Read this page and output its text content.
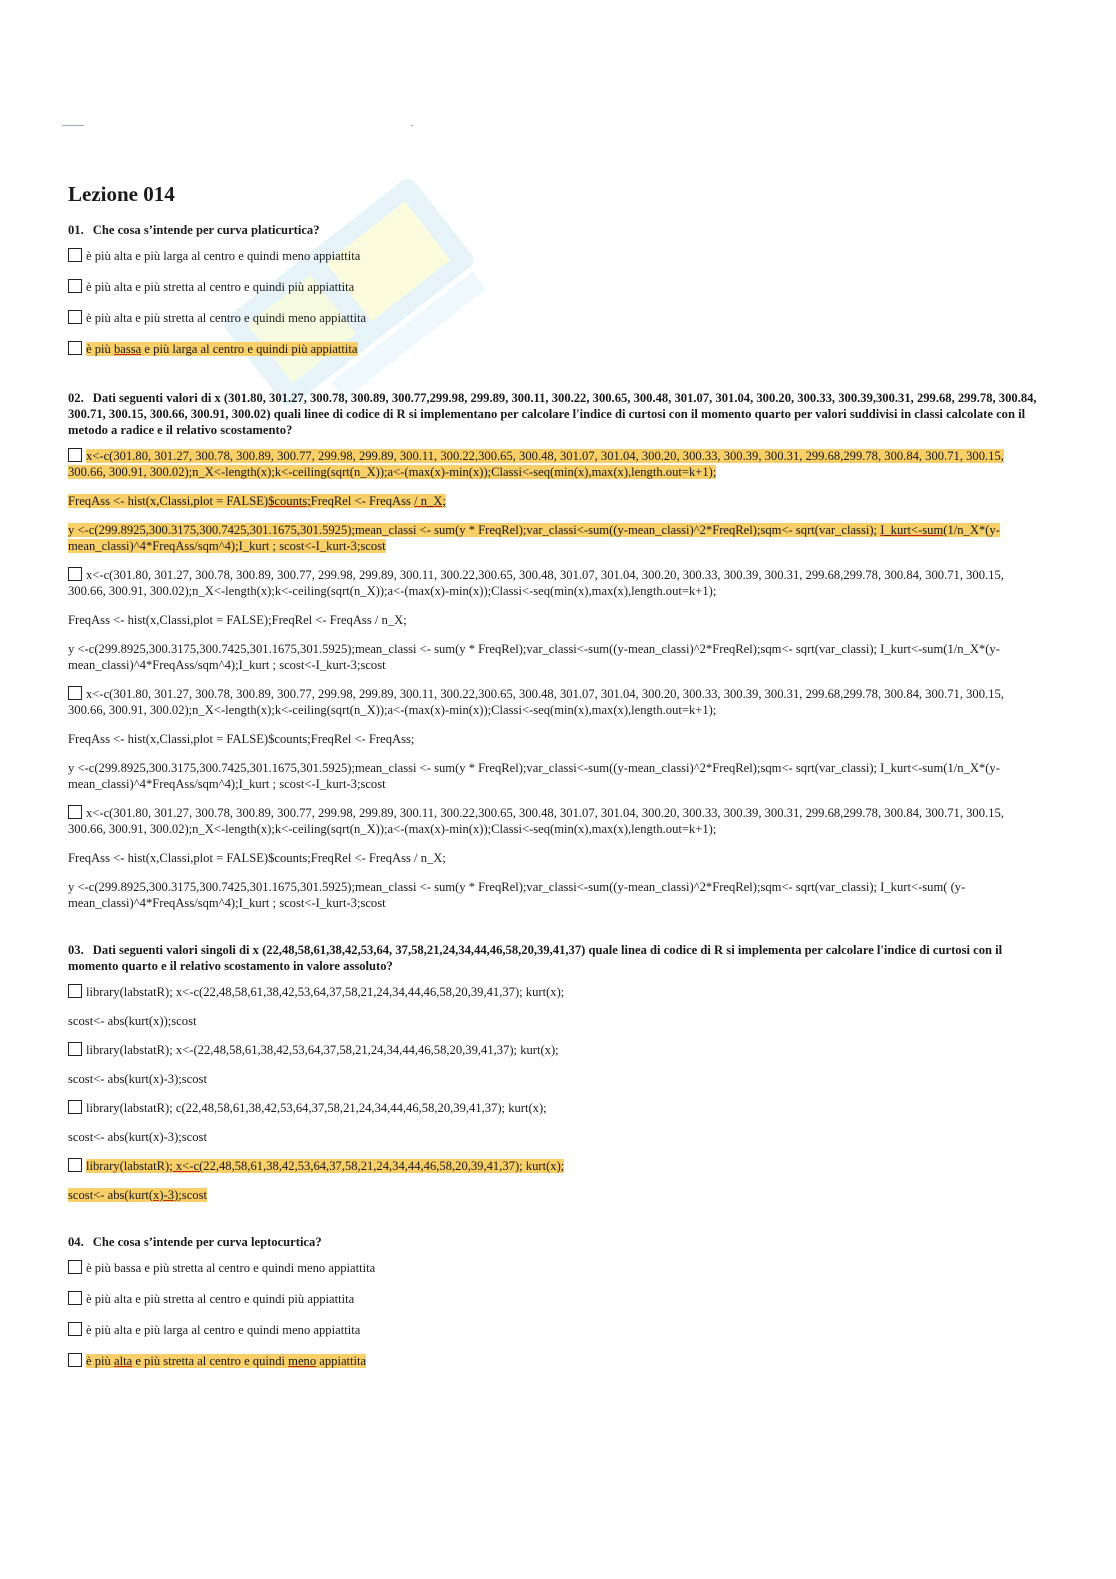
Lezione 014
01. Che cosa s’intende per curva platicurtica?
è più alta e più larga al centro e quindi meno appiattita
è più alta e più stretta al centro e quindi più appiattita
è più alta e più stretta al centro e quindi meno appiattita
è più bassa e più larga al centro e quindi più appiattita
02. Dati seguenti valori di x (301.80, 301.27, 300.78, 300.89, 300.77,299.98, 299.89, 300.11, 300.22, 300.65, 300.48, 301.07, 301.04, 300.20, 300.33, 300.39,300.31, 299.68, 299.78, 300.84, 300.71, 300.15, 300.66, 300.91, 300.02) quali linee di codice di R si implementano per calcolare l'indice di curtosi con il momento quarto per valori suddivisi in classi calcolate con il metodo a radice e il relativo scostamento?
x<-c(301.80, 301.27, 300.78, 300.89, 300.77, 299.98, 299.89, 300.11, 300.22,300.65, 300.48, 301.07, 301.04, 300.20, 300.33, 300.39, 300.31, 299.68,299.78, 300.84, 300.71, 300.15, 300.66, 300.91, 300.02);n_X<-length(x);k<-ceiling(sqrt(n_X));a<-(max(x)-min(x));Classi<-seq(min(x),max(x),length.out=k+1);
FreqAss <- hist(x,Classi,plot = FALSE)$counts;FreqRel <- FreqAss / n_X;
y <-c(299.8925,300.3175,300.7425,301.1675,301.5925);mean_classi <- sum(y * FreqRel);var_classi<-sum((y-mean_classi)^2*FreqRel);sqm<- sqrt(var_classi); I_kurt<-sum(1/n_X*(y-mean_classi)^4*FreqAss/sqm^4);I_kurt ; scost<-I_kurt-3;scost
x<-c(301.80, 301.27, 300.78, 300.89, 300.77, 299.98, 299.89, 300.11, 300.22,300.65, 300.48, 301.07, 301.04, 300.20, 300.33, 300.39, 300.31, 299.68,299.78, 300.84, 300.71, 300.15, 300.66, 300.91, 300.02);n_X<-length(x);k<-ceiling(sqrt(n_X));a<-(max(x)-min(x));Classi<-seq(min(x),max(x),length.out=k+1);
FreqAss <- hist(x,Classi,plot = FALSE);FreqRel <- FreqAss / n_X;
y <-c(299.8925,300.3175,300.7425,301.1675,301.5925);mean_classi <- sum(y * FreqRel);var_classi<-sum((y-mean_classi)^2*FreqRel);sqm<- sqrt(var_classi); I_kurt<-sum(1/n_X*(y-mean_classi)^4*FreqAss/sqm^4);I_kurt ; scost<-I_kurt-3;scost
x<-c(301.80, 301.27, 300.78, 300.89, 300.77, 299.98, 299.89, 300.11, 300.22,300.65, 300.48, 301.07, 301.04, 300.20, 300.33, 300.39, 300.31, 299.68,299.78, 300.84, 300.71, 300.15, 300.66, 300.91, 300.02);n_X<-length(x);k<-ceiling(sqrt(n_X));a<-(max(x)-min(x));Classi<-seq(min(x),max(x),length.out=k+1);
FreqAss <- hist(x,Classi,plot = FALSE)$counts;FreqRel <- FreqAss;
y <-c(299.8925,300.3175,300.7425,301.1675,301.5925);mean_classi <- sum(y * FreqRel);var_classi<-sum((y-mean_classi)^2*FreqRel);sqm<- sqrt(var_classi); I_kurt<-sum(1/n_X*(y-mean_classi)^4*FreqAss/sqm^4);I_kurt ; scost<-I_kurt-3;scost
x<-c(301.80, 301.27, 300.78, 300.89, 300.77, 299.98, 299.89, 300.11, 300.22,300.65, 300.48, 301.07, 301.04, 300.20, 300.33, 300.39, 300.31, 299.68,299.78, 300.84, 300.71, 300.15, 300.66, 300.91, 300.02);n_X<-length(x);k<-ceiling(sqrt(n_X));a<-(max(x)-min(x));Classi<-seq(min(x),max(x),length.out=k+1);
FreqAss <- hist(x,Classi,plot = FALSE)$counts;FreqRel <- FreqAss / n_X;
y <-c(299.8925,300.3175,300.7425,301.1675,301.5925);mean_classi <- sum(y * FreqRel);var_classi<-sum((y-mean_classi)^2*FreqRel);sqm<- sqrt(var_classi); I_kurt<-sum( (y-mean_classi)^4*FreqAss/sqm^4);I_kurt ; scost<-I_kurt-3;scost
03. Dati seguenti valori singoli di x (22,48,58,61,38,42,53,64, 37,58,21,24,34,44,46,58,20,39,41,37) quale linea di codice di R si implementa per calcolare l'indice di curtosi con il momento quarto e il relativo scostamento in valore assoluto?
library(labstatR); x<-c(22,48,58,61,38,42,53,64,37,58,21,24,34,44,46,58,20,39,41,37); kurt(x);
scost<- abs(kurt(x));scost
library(labstatR); x<-(22,48,58,61,38,42,53,64,37,58,21,24,34,44,46,58,20,39,41,37); kurt(x);
scost<- abs(kurt(x)-3);scost
library(labstatR); c(22,48,58,61,38,42,53,64,37,58,21,24,34,44,46,58,20,39,41,37); kurt(x);
scost<- abs(kurt(x)-3);scost
library(labstatR); x<-c(22,48,58,61,38,42,53,64,37,58,21,24,34,44,46,58,20,39,41,37); kurt(x);
scost<- abs(kurt(x)-3);scost
04. Che cosa s’intende per curva leptocurtica?
è più bassa e più stretta al centro e quindi meno appiattita
è più alta e più stretta al centro e quindi più appiattita
è più alta e più larga al centro e quindi meno appiattita
è più alta e più stretta al centro e quindi meno appiattita
